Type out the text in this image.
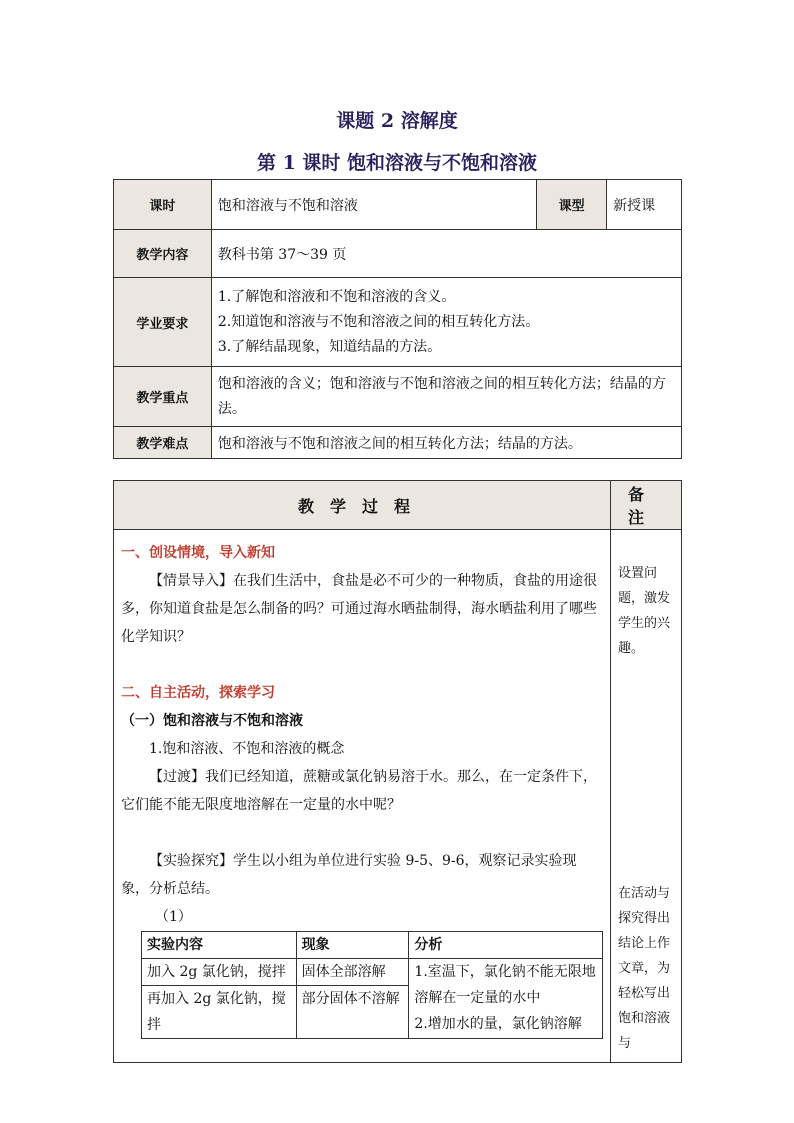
课题 2 溶解度
第 1 课时 饱和溶液与不饱和溶液
课时	饱和溶液与不饱和溶液	课型	新授课
教学内容	教科书第 37～39 页		
学业要求	1.了解饱和溶液和不饱和溶液的含义。
2.知道饱和溶液与不饱和溶液之间的相互转化方法。
3.了解结晶现象，知道结晶的方法。		

教学重点	饱和溶液的含义；饱和溶液与不饱和溶液之间的相互转化方法；结晶的方法。		
教学难点	饱和溶液与不饱和溶液之间的相互转化方法；结晶的方法。		
教学过程	备注

一、创设情境，导入新知

【情景导入】在我们生活中，食盐是必不可少的一种物质，食盐的用途很多，你知道食盐是怎么制备的吗？可通过海水晒盐制得，海水晒盐利用了哪些化学知识？

二、自主活动，探索学习
（一）饱和溶液与不饱和溶液
1.饱和溶液、不饱和溶液的概念

【过渡】我们已经知道，蔗糖或氯化钠易溶于水。那么，在一定条件下，它们能不能无限度地溶解在一定量的水中呢？

【实验探究】学生以小组为单位进行实验 9-5、9-6，观察记录实验现象，分析总结。

（1）
实验内容	现象	分析
加入 2g 氯化钠，搅拌	固体全部溶解	1.室温下，氯化钠不能无限地溶解在一定量的水中
2.增加水的量，氯化钠溶解

再加入 2g 氯化钠，搅拌	部分固体不溶解

设置问题，激发学生的兴趣。
在活动与探究得出结论上作文章，为轻松写出饱和溶液与
